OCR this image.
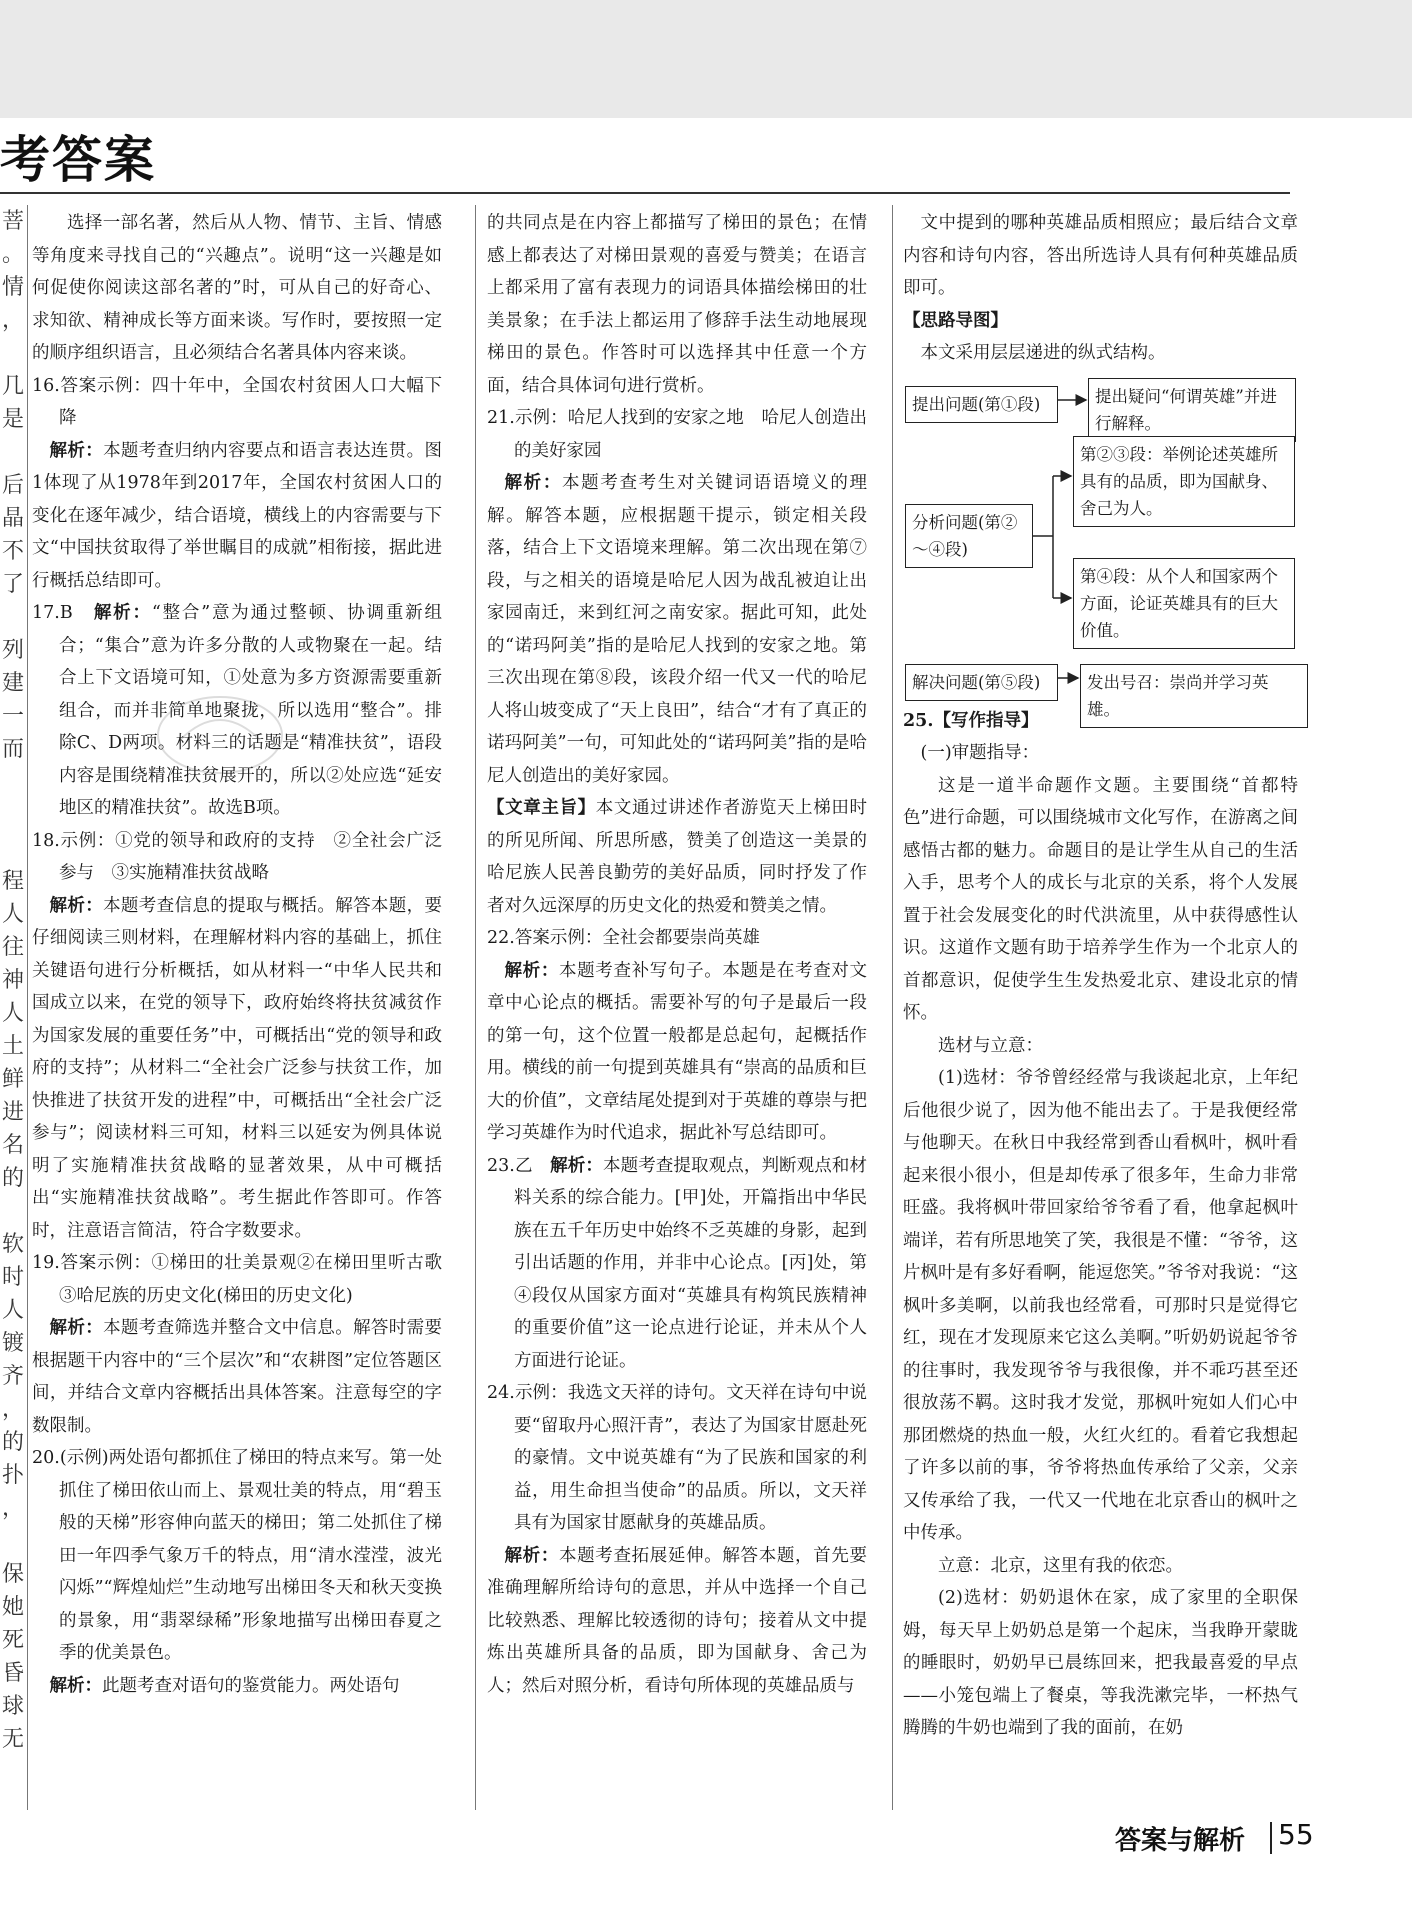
考答案
菩
。
情
，
几
是
后
晶
不
了
列
建
一
而
程
人
往
神
人
土
鲜
进
名
的
软
时
人
镀
齐
，
的
扑
，
保
她
死
昏
球
无

选择一部名著，然后从人物、情节、主旨、情感等角度来寻找自己的“兴趣点”。说明“这一兴趣是如何促使你阅读这部名著的”时，可从自己的好奇心、求知欲、精神成长等方面来谈。写作时，要按照一定的顺序组织语言，且必须结合名著具体内容来谈。

16.答案示例：四十年中，全国农村贫困人口大幅下降

解析：本题考查归纳内容要点和语言表达连贯。图1体现了从1978年到2017年，全国农村贫困人口的变化在逐年减少，结合语境，横线上的内容需要与下文“中国扶贫取得了举世瞩目的成就”相衔接，据此进行概括总结即可。

17.B　解析：“整合”意为通过整顿、协调重新组合；“集合”意为许多分散的人或物聚在一起。结合上下文语境可知，①处意为多方资源需要重新组合，而并非简单地聚拢，所以选用“整合”。排除C、D两项。材料三的话题是“精准扶贫”，语段内容是围绕精准扶贫展开的，所以②处应选“延安地区的精准扶贫”。故选B项。

18.示例：①党的领导和政府的支持　②全社会广泛参与　③实施精准扶贫战略

解析：本题考查信息的提取与概括。解答本题，要仔细阅读三则材料，在理解材料内容的基础上，抓住关键语句进行分析概括，如从材料一“中华人民共和国成立以来，在党的领导下，政府始终将扶贫减贫作为国家发展的重要任务”中，可概括出“党的领导和政府的支持”；从材料二“全社会广泛参与扶贫工作，加快推进了扶贫开发的进程”中，可概括出“全社会广泛参与”；阅读材料三可知，材料三以延安为例具体说明了实施精准扶贫战略的显著效果，从中可概括出“实施精准扶贫战略”。考生据此作答即可。作答时，注意语言简洁，符合字数要求。

19.答案示例：①梯田的壮美景观②在梯田里听古歌③哈尼族的历史文化(梯田的历史文化)

解析：本题考查筛选并整合文中信息。解答时需要根据题干内容中的“三个层次”和“农耕图”定位答题区间，并结合文章内容概括出具体答案。注意每空的字数限制。

20.(示例)两处语句都抓住了梯田的特点来写。第一处抓住了梯田依山而上、景观壮美的特点，用“碧玉般的天梯”形容伸向蓝天的梯田；第二处抓住了梯田一年四季气象万千的特点，用“清水滢滢，波光闪烁”“辉煌灿烂”生动地写出梯田冬天和秋天变换的景象，用“翡翠绿稀”形象地描写出梯田春夏之季的优美景色。

解析：此题考查对语句的鉴赏能力。两处语句

的共同点是在内容上都描写了梯田的景色；在情感上都表达了对梯田景观的喜爱与赞美；在语言上都采用了富有表现力的词语具体描绘梯田的壮美景象；在手法上都运用了修辞手法生动地展现梯田的景色。作答时可以选择其中任意一个方面，结合具体词句进行赏析。

21.示例：哈尼人找到的安家之地　哈尼人创造出的美好家园

解析：本题考查考生对关键词语语境义的理解。解答本题，应根据题干提示，锁定相关段落，结合上下文语境来理解。第二次出现在第⑦段，与之相关的语境是哈尼人因为战乱被迫让出家园南迁，来到红河之南安家。据此可知，此处的“诺玛阿美”指的是哈尼人找到的安家之地。第三次出现在第⑧段，该段介绍一代又一代的哈尼人将山坡变成了“天上良田”，结合“才有了真正的诺玛阿美”一句，可知此处的“诺玛阿美”指的是哈尼人创造出的美好家园。

【文章主旨】本文通过讲述作者游览天上梯田时的所见所闻、所思所感，赞美了创造这一美景的哈尼族人民善良勤劳的美好品质，同时抒发了作者对久远深厚的历史文化的热爱和赞美之情。

22.答案示例：全社会都要崇尚英雄

解析：本题考查补写句子。本题是在考查对文章中心论点的概括。需要补写的句子是最后一段的第一句，这个位置一般都是总起句，起概括作用。横线的前一句提到英雄具有“崇高的品质和巨大的价值”，文章结尾处提到对于英雄的尊崇与把学习英雄作为时代追求，据此补写总结即可。

23.乙　解析：本题考查提取观点，判断观点和材料关系的综合能力。[甲]处，开篇指出中华民族在五千年历史中始终不乏英雄的身影，起到引出话题的作用，并非中心论点。[丙]处，第④段仅从国家方面对“英雄具有构筑民族精神的重要价值”这一论点进行论证，并未从个人方面进行论证。

24.示例：我选文天祥的诗句。文天祥在诗句中说要“留取丹心照汗青”，表达了为国家甘愿赴死的豪情。文中说英雄有“为了民族和国家的利益，用生命担当使命”的品质。所以，文天祥具有为国家甘愿献身的英雄品质。

解析：本题考查拓展延伸。解答本题，首先要准确理解所给诗句的意思，并从中选择一个自己比较熟悉、理解比较透彻的诗句；接着从文中提炼出英雄所具备的品质，即为国献身、舍己为人；然后对照分析，看诗句所体现的英雄品质与

文中提到的哪种英雄品质相照应；最后结合文章内容和诗句内容，答出所选诗人具有何种英雄品质即可。

【思路导图】

本文采用层层递进的纵式结构。

提出问题(第①段)	提出疑问“何谓英雄”并进行解释。
分析问题(第②～④段)
第②③段：举例论述英雄所具有的品质，即为国献身、舍己为人。
第④段：从个人和国家两个方面，论证英雄具有的巨大价值。
解决问题(第⑤段)	发出号召：崇尚并学习英雄。

25.【写作指导】

(一)审题指导：

这是一道半命题作文题。主要围绕“首都特色”进行命题，可以围绕城市文化写作，在游离之间感悟古都的魅力。命题目的是让学生从自己的生活入手，思考个人的成长与北京的关系，将个人发展置于社会发展变化的时代洪流里，从中获得感性认识。这道作文题有助于培养学生作为一个北京人的首都意识，促使学生生发热爱北京、建设北京的情怀。

选材与立意：

(1)选材：爷爷曾经经常与我谈起北京，上年纪后他很少说了，因为他不能出去了。于是我便经常与他聊天。在秋日中我经常到香山看枫叶，枫叶看起来很小很小，但是却传承了很多年，生命力非常旺盛。我将枫叶带回家给爷爷看了看，他拿起枫叶端详，若有所思地笑了笑，我很是不懂：“爷爷，这片枫叶是有多好看啊，能逗您笑。”爷爷对我说：“这枫叶多美啊，以前我也经常看，可那时只是觉得它红，现在才发现原来它这么美啊。”听奶奶说起爷爷的往事时，我发现爷爷与我很像，并不乖巧甚至还很放荡不羁。这时我才发觉，那枫叶宛如人们心中那团燃烧的热血一般，火红火红的。看着它我想起了许多以前的事，爷爷将热血传承给了父亲，父亲又传承给了我，一代又一代地在北京香山的枫叶之中传承。

立意：北京，这里有我的依恋。

(2)选材：奶奶退休在家，成了家里的全职保姆，每天早上奶奶总是第一个起床，当我睁开蒙眬的睡眼时，奶奶早已晨练回来，把我最喜爱的早点——小笼包端上了餐桌，等我洗漱完毕，一杯热气腾腾的牛奶也端到了我的面前，在奶

答案与解析 55
